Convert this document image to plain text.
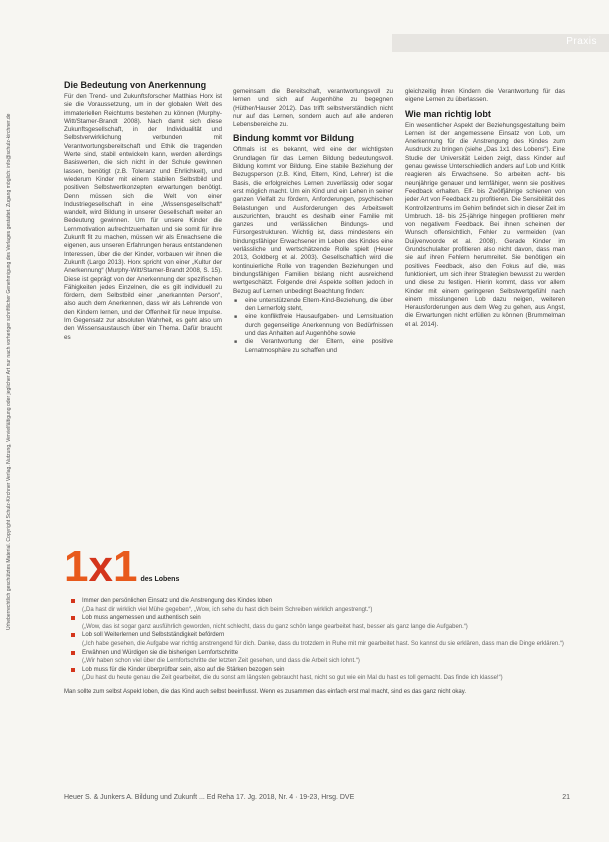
Praxis
Urheberrechtlich geschütztes Material. Copyright Schulz-Kirchner Verlag. Nutzung, Vervielfältigung oder jeglicher Art nur nach vorheriger schriftlicher Genehmigung des Verlages gestattet. Zugang möglich: info@schulz-kirchner.de
Die Bedeutung von Anerkennung

Für den Trend- und Zukunftsforscher Matthias Horx ist sie die Voraussetzung, um in der globalen Welt des immateriellen Reichtums bestehen zu können (Murphy-Witt/Stamer-Brandt 2008). Nach damit sich diese Zukunftsgesellschaft, in der Individualität und Selbstverwirklichung verbunden mit Verantwortungsbereitschaft und Ethik die tragenden Werte sind, stabil entwickeln kann, werden allerdings Basiswerten, die sich nicht in der Schule gewinnen lassen, benötigt (z.B. Toleranz und Ehrlichkeit), und wiederum Kinder mit einem stabilen Selbstbild und positiven Selbstwertkonzepten erwartungen benötigt. Denn müssen sich die Welt von einer Industriegesellschaft in eine „Wissensgesellschaft“ wandelt, wird Bildung in unserer Gesellschaft weiter an Bedeutung gewinnen. Um für unsere Kinder die Lernmotivation aufrechtzuerhalten und sie somit für ihre Zukunft fit zu machen, müssen wir als Erwachsene die eigenen, aus unseren Erfahrungen heraus entstandenen Interessen, über die der Kinder, vorbauen wir ihnen die Zukunft (Largo 2013). Horx spricht von einer „Kultur der Anerkennung“ (Murphy-Witt/Stamer-Brandt 2008, S. 15). Diese ist geprägt von der Anerkennung der spezifischen Fähigkeiten jedes Einzelnen, die es gilt individuell zu fördern, dem Selbstbild einer „anerkannten Person“, also auch dem Anerkennen, dass wir als Lehrende von den Kindern lernen, und der Offenheit für neue Impulse. Im Gegensatz zur absoluten Wahrheit, es geht also um den Wissensaustausch über ein Thema. Dafür braucht es

gemeinsam die Bereitschaft, verantwortungsvoll zu lernen und sich auf Augenhöhe zu begegnen (Hüther/Hauser 2012). Das trifft selbstverständlich nicht nur auf das Lernen, sondern auch auf alle anderen Lebensbereiche zu.

Bindung kommt vor Bildung

Oftmals ist es bekannt, wird eine der wichtigsten Grundlagen für das Lernen Bildung bedeutungsvoll. Bildung kommt vor Bildung. Eine stabile Beziehung der Bezugsperson (z.B. Kind, Eltern, Kind, Lehrer) ist die Basis, die erfolgreiches Lernen zuverlässig oder sogar erst möglich macht. Um ein Kind und ein Lehen in seiner ganzen Vielfalt zu fördern, Anforderungen, psychischen Belastungen und Ausforderungen des Arbeitswelt auszurichten, braucht es deshalb einer Familie mit ganzes und verlässlichen Bindungs- und Fürsorgestrukturen. Wichtig ist, dass mindestens ein bindungsfähiger Erwachsener im Leben des Kindes eine verlässliche und wertschätzende Rolle spielt (Heuer 2013, Goldberg et al. 2003). Gesellschaftlich wird die kontinuierliche Rolle von tragenden Beziehungen und bindungsfähigen Familien bislang nicht ausreichend wertgeschätzt. Folgende drei Aspekte sollten jedoch in Bezug auf Lernen unbedingt Beachtung finden:

■ eine unterstützende Eltern-Kind-Beziehung, die über den Lernerfolg steht,
■ eine konfliktfreie Hausaufgaben- und Lernsituation durch gegenseitige Anerkennung von Bedürfnissen und das Anhalten auf Augenhöhe sowie
■ die Verantwortung der Eltern, eine positive Lernatmosphäre zu schaffen und

gleichzeitig ihren Kindern die Verantwortung für das eigene Lernen zu überlassen.

Wie man richtig lobt

Ein wesentlicher Aspekt der Beziehungsgestaltung beim Lernen ist der angemessene Einsatz von Lob, um Anerkennung für die Anstrengung des Kindes zum Ausdruck zu bringen (siehe „Das 1x1 des Lobens“). Eine Studie der Universität Leiden zeigt, dass Kinder auf genau gewisse Unterschiedlich anders auf Lob und Kritik reagieren als Erwachsene. So arbeiten acht- bis neunjährige genauer und lernfähiger, wenn sie positives Feedback erhalten. Elf- bis Zwölfjährige schienen von jeder Art von Feedback zu profitieren. Die Sensibilität des Kontrollzentrums im Gehirn befindet sich in dieser Zeit im Umbruch. 18- bis 25-jährige hingegen profitieren mehr von negativem Feedback. Bei ihnen scheinen der Wunsch offensichtlich, Fehler zu vermeiden (van Duijvenvoorde et al. 2008). Gerade Kinder im Grundschulalter profitieren also nicht davon, dass man sie auf ihren Fehlern herumreitet. Sie benötigen ein positives Feedback, also den Fokus auf die, was funktioniert, um sich ihrer Strategien bewusst zu werden und diese zu festigen. Hierin kommt, dass vor allem Kinder mit einem geringeren Selbstwertgefühl nach einem misslungenen Lob dazu neigen, weiteren Herausforderungen aus dem Weg zu gehen, aus Angst, die Erwartungen nicht erfüllen zu können (Brummelman et al. 2014).

1x1 des Lobens
Immer den persönlichen Einsatz und die Anstrengung des Kindes loben
(„Da hast dir wirklich viel Mühe gegeben“, „Wow, ich sehe du hast dich beim Schreiben wirklich angestrengt.“)
Lob muss angemessen und authentisch sein
(„Wow, das ist sogar ganz ausführlich geworden, nicht schlecht, dass du ganz schön lange gearbeitet hast, besser als ganz lange die Aufgaben.“)
Lob soll Weiterlernen und Selbstständigkeit befördern
(„Ich habe gesehen, die Aufgabe war richtig anstrengend für dich. Danke, dass du trotzdem in Ruhe mit mir gearbeitet hast. So kannst du sie erklären, dass man die Dinge erklären.“)
Erwähnen und Würdigen sie die bisherigen Lernfortschritte
(„Wir haben schon viel über die Lernfortschritte der letzten Zeit gesehen, und dass die Arbeit sich lohnt.“)
Lob muss für die Kinder überprüfbar sein, also auf die Stärken bezogen sein
(„Du hast du heute genau die Zeit gearbeitet, die du sonst am längsten gebraucht hast, nicht so gut wie ein Mal du hast es toll gemacht. Das finde ich klasse!“)
Man sollte zum selbst Aspekt loben, die das Kind auch selbst beeinflusst. Wenn es zusammen das einfach erst mal macht, sind es das ganz nicht okay.
Heuer S. & Junkers A. Bildung und Zukunft ... Ed Reha 17. Jg. 2018, Nr. 4 · 19-23, Hrsg. DVE	21
